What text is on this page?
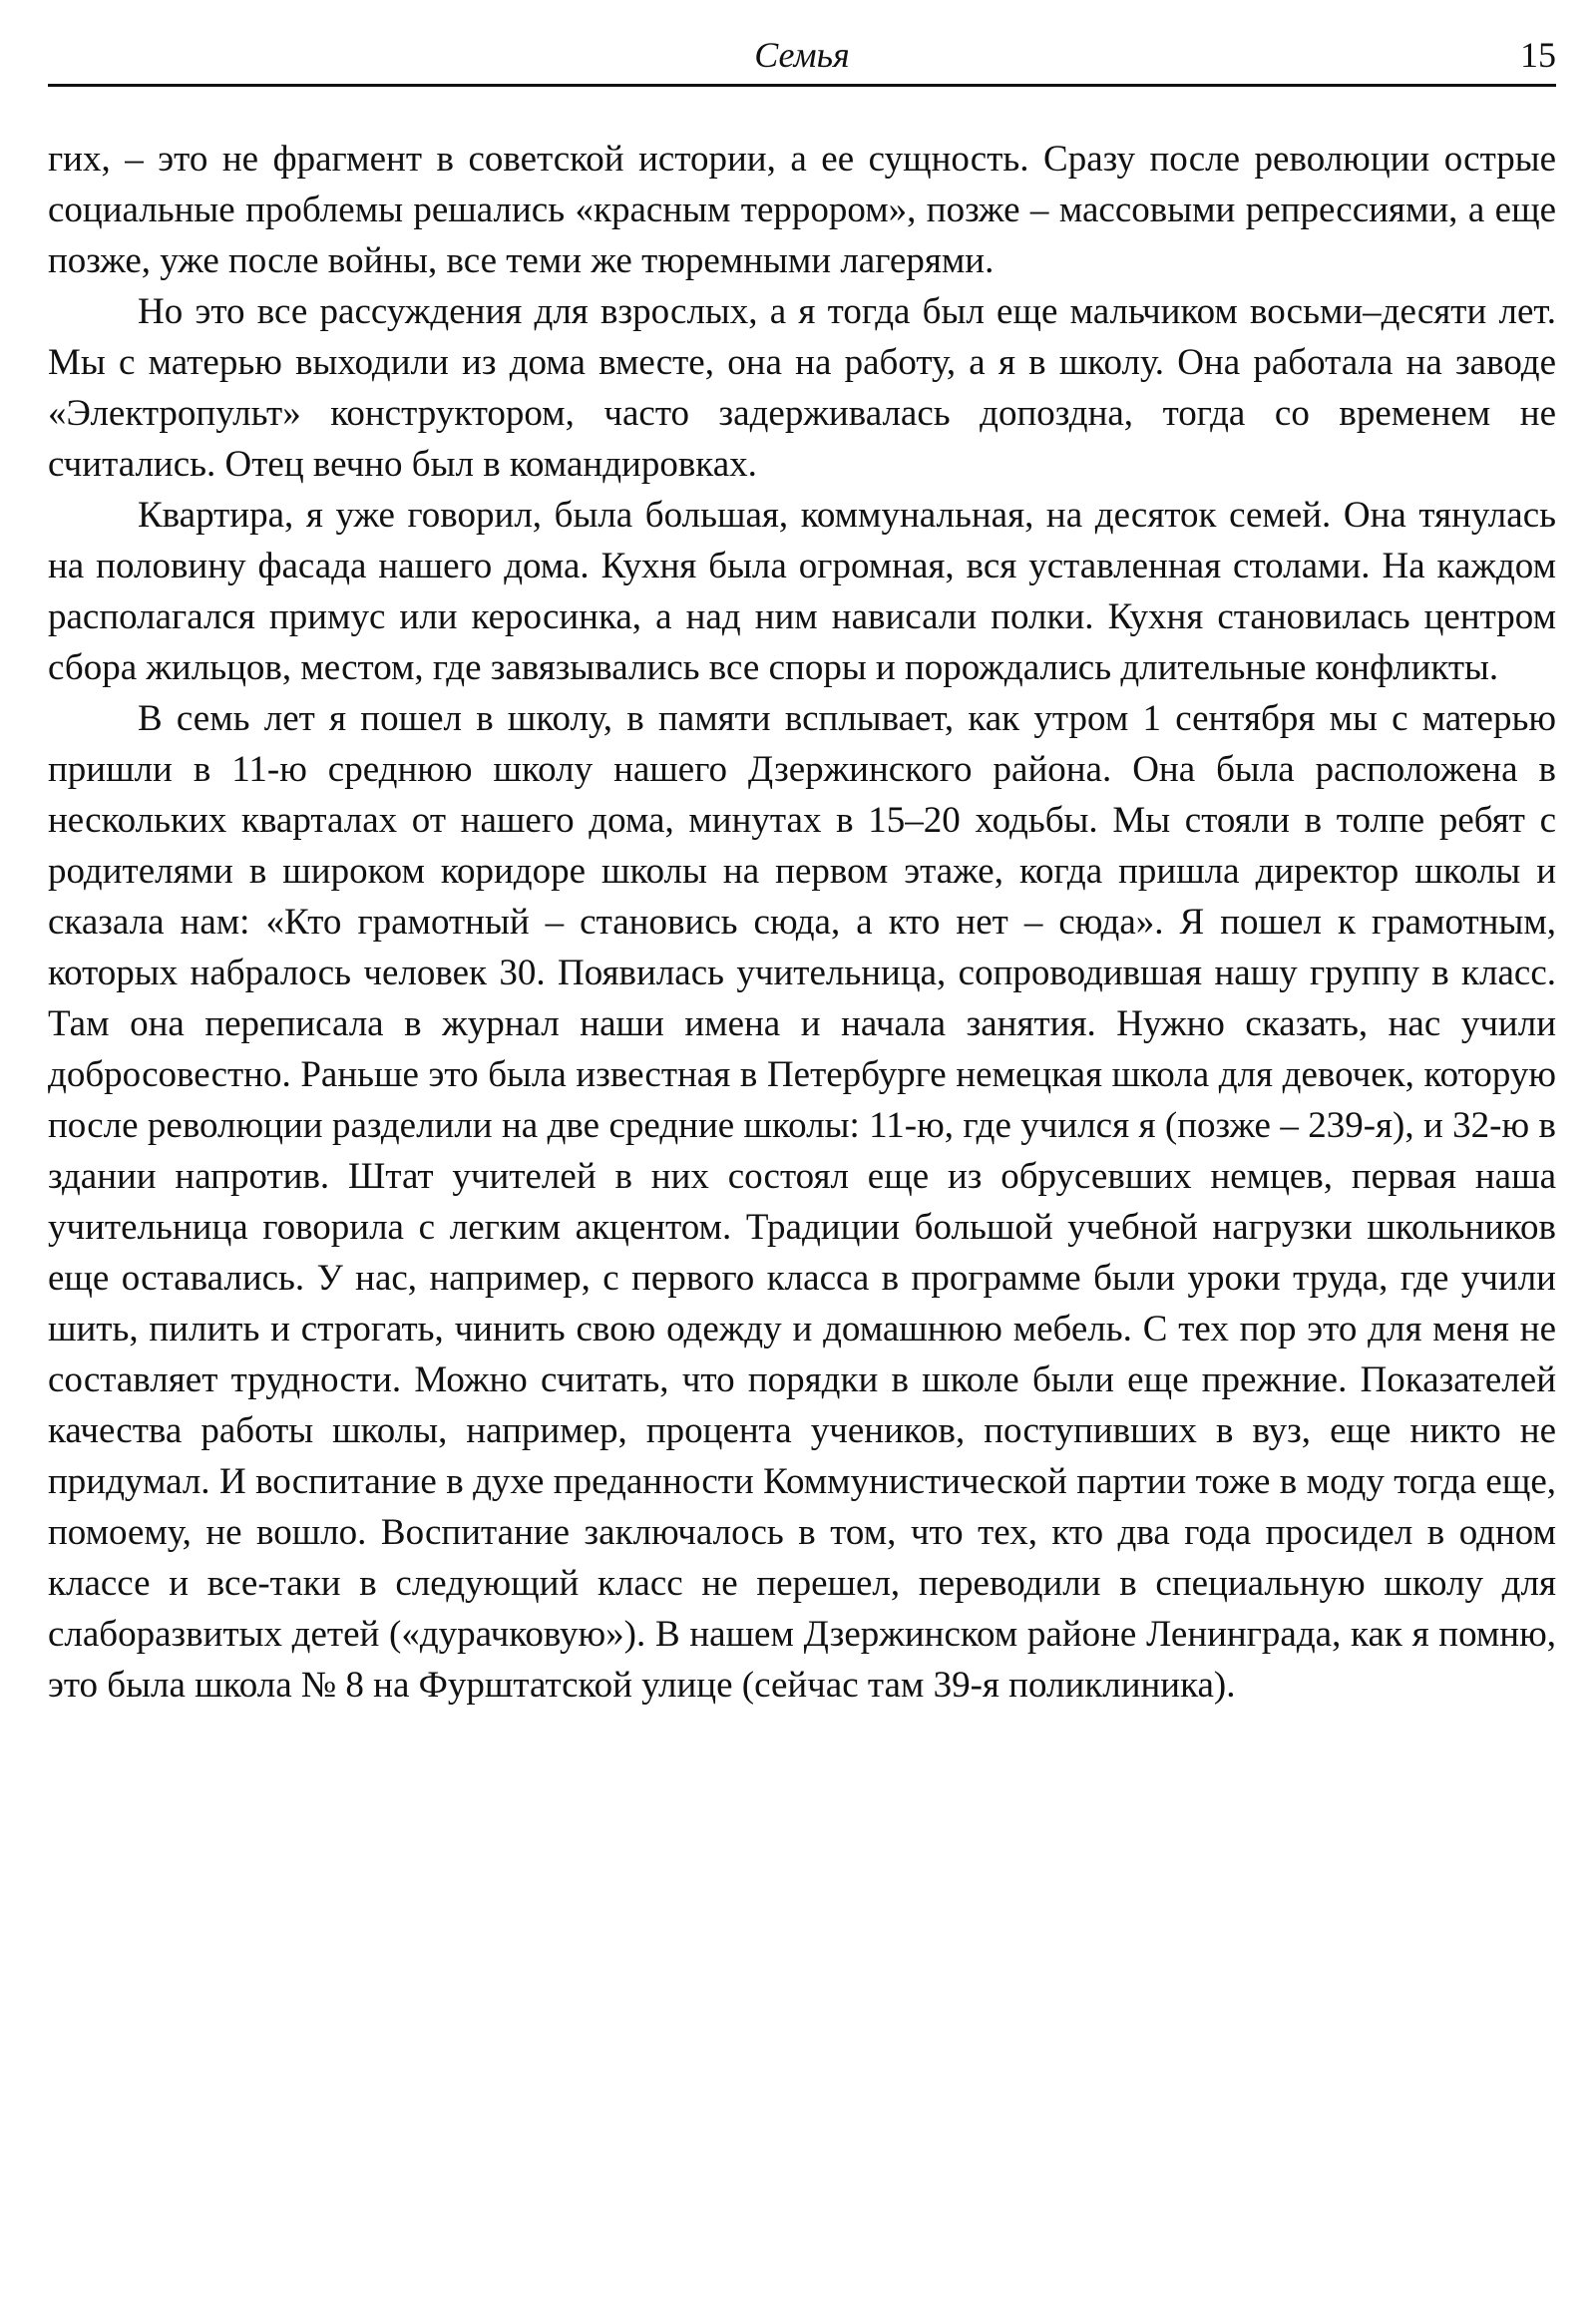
Семья	15

гих, – это не фрагмент в советской истории, а ее сущность. Сразу после революции острые социальные проблемы решались «красным террором», позже – массовыми репрессиями, а еще позже, уже после войны, все теми же тюремными лагерями.

Но это все рассуждения для взрослых, а я тогда был еще мальчиком восьми–десяти лет. Мы с матерью выходили из дома вместе, она на работу, а я в школу. Она работала на заводе «Электропульт» конструктором, часто задерживалась допоздна, тогда со временем не считались. Отец вечно был в командировках.

Квартира, я уже говорил, была большая, коммунальная, на десяток семей. Она тянулась на половину фасада нашего дома. Кухня была огромная, вся уставленная столами. На каждом располагался примус или керосинка, а над ним нависали полки. Кухня становилась центром сбора жильцов, местом, где завязывались все споры и порождались длительные конфликты.

В семь лет я пошел в школу, в памяти всплывает, как утром 1 сентября мы с матерью пришли в 11-ю среднюю школу нашего Дзержинского района. Она была расположена в нескольких кварталах от нашего дома, минутах в 15–20 ходьбы. Мы стояли в толпе ребят с родителями в широком коридоре школы на первом этаже, когда пришла директор школы и сказала нам: «Кто грамотный – становись сюда, а кто нет – сюда». Я пошел к грамотным, которых набралось человек 30. Появилась учительница, сопроводившая нашу группу в класс. Там она переписала в журнал наши имена и начала занятия. Нужно сказать, нас учили добросовестно. Раньше это была известная в Петербурге немецкая школа для девочек, которую после революции разделили на две средние школы: 11-ю, где учился я (позже – 239-я), и 32-ю в здании напротив. Штат учителей в них состоял еще из обрусевших немцев, первая наша учительница говорила с легким акцентом. Традиции большой учебной нагрузки школьников еще оставались. У нас, например, с первого класса в программе были уроки труда, где учили шить, пилить и строгать, чинить свою одежду и домашнюю мебель. С тех пор это для меня не составляет трудности. Можно считать, что порядки в школе были еще прежние. Показателей качества работы школы, например, процента учеников, поступивших в вуз, еще никто не придумал. И воспитание в духе преданности Коммунистической партии тоже в моду тогда еще, помоему, не вошло. Воспитание заключалось в том, что тех, кто два года просидел в одном классе и все-таки в следующий класс не перешел, переводили в специальную школу для слаборазвитых детей («дурачковую»). В нашем Дзержинском районе Ленинграда, как я помню, это была школа № 8 на Фурштатской улице (сейчас там 39-я поликлиника).
